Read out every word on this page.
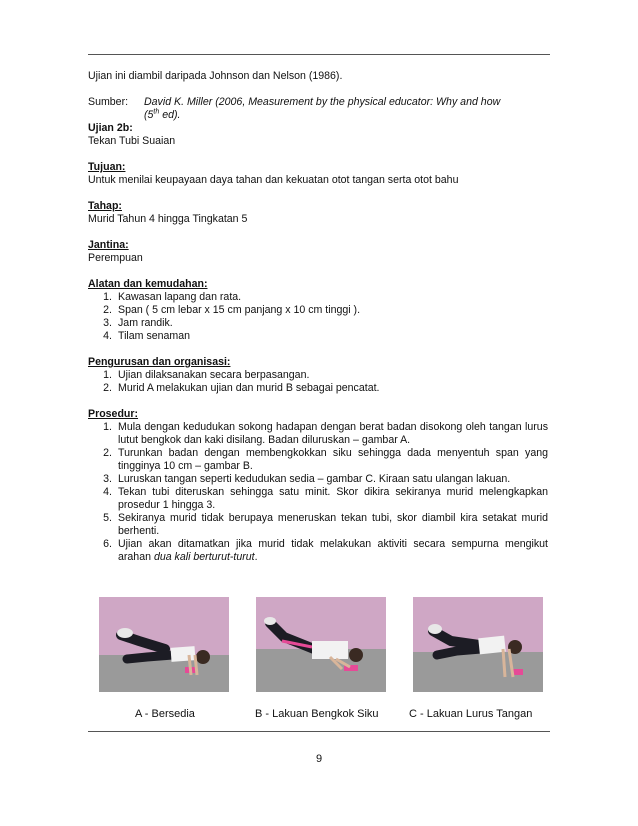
Ujian ini diambil daripada Johnson dan Nelson (1986).

Sumber:	David K. Miller (2006, Measurement by the physical educator: Why and how
(5th ed).

Ujian 2b:

Tekan Tubi Suaian

Tujuan:

Untuk menilai keupayaan daya tahan dan kekuatan otot tangan serta otot bahu

Tahap:

Murid Tahun 4 hingga Tingkatan 5

Jantina:

Perempuan

Alatan dan kemudahan:

1. Kawasan lapang dan rata.
2. Span ( 5 cm lebar x 15 cm panjang x 10 cm tinggi ).
3. Jam randik.
4. Tilam senaman

Pengurusan dan organisasi:

1. Ujian dilaksanakan secara berpasangan.
2. Murid A melakukan ujian dan murid B sebagai pencatat.

Prosedur:

1. Mula dengan kedudukan sokong hadapan dengan berat badan disokong oleh tangan lurus lutut bengkok dan kaki disilang. Badan diluruskan – gambar A.
2. Turunkan badan dengan membengkokkan siku sehingga dada menyentuh span yang tingginya 10 cm – gambar B.
3. Luruskan tangan seperti kedudukan sedia – gambar C. Kiraan satu ulangan lakuan.
4. Tekan tubi diteruskan sehingga satu minit. Skor dikira sekiranya murid melengkapkan prosedur 1 hingga 3.
5. Sekiranya murid tidak berupaya meneruskan tekan tubi, skor diambil kira setakat murid berhenti.
6. Ujian akan ditamatkan jika murid tidak melakukan aktiviti secara sempurna mengikut arahan dua kali berturut-turut.
A - Bersedia	B - Lakuan Bengkok Siku	C - Lakuan Lurus Tangan
9
